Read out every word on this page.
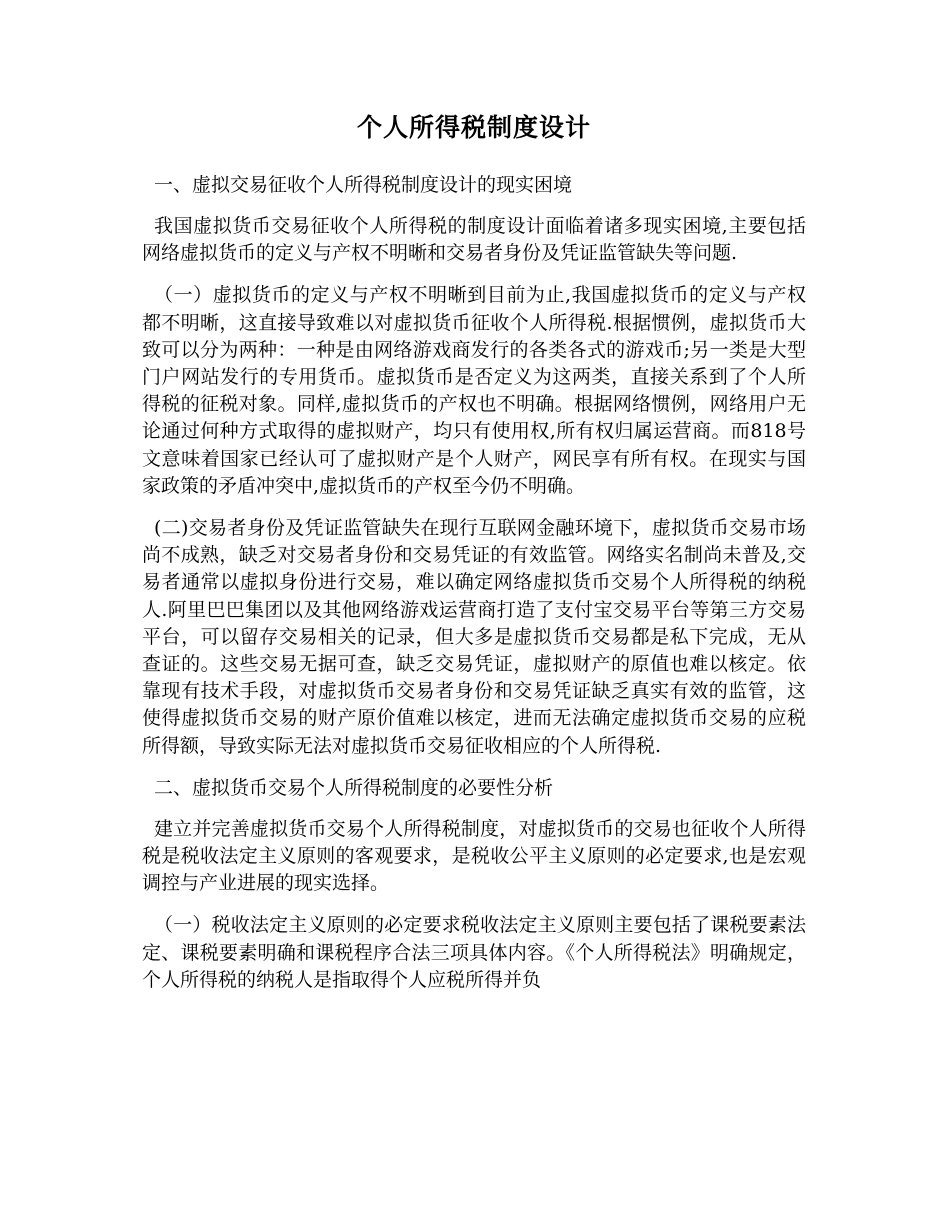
个人所得税制度设计

一、虚拟交易征收个人所得税制度设计的现实困境

我国虚拟货币交易征收个人所得税的制度设计面临着诸多现实困境,主要包括网络虚拟货币的定义与产权不明晰和交易者身份及凭证监管缺失等问题.

（一）虚拟货币的定义与产权不明晰到目前为止,我国虚拟货币的定义与产权都不明晰，这直接导致难以对虚拟货币征收个人所得税.根据惯例，虚拟货币大致可以分为两种：一种是由网络游戏商发行的各类各式的游戏币;另一类是大型门户网站发行的专用货币。虚拟货币是否定义为这两类，直接关系到了个人所得税的征税对象。同样,虚拟货币的产权也不明确。根据网络惯例，网络用户无论通过何种方式取得的虚拟财产，均只有使用权,所有权归属运营商。而818号文意味着国家已经认可了虚拟财产是个人财产，网民享有所有权。在现实与国家政策的矛盾冲突中,虚拟货币的产权至今仍不明确。

(二)交易者身份及凭证监管缺失在现行互联网金融环境下，虚拟货币交易市场尚不成熟，缺乏对交易者身份和交易凭证的有效监管。网络实名制尚未普及,交易者通常以虚拟身份进行交易，难以确定网络虚拟货币交易个人所得税的纳税人.阿里巴巴集团以及其他网络游戏运营商打造了支付宝交易平台等第三方交易平台，可以留存交易相关的记录，但大多是虚拟货币交易都是私下完成，无从查证的。这些交易无据可查，缺乏交易凭证，虚拟财产的原值也难以核定。依靠现有技术手段，对虚拟货币交易者身份和交易凭证缺乏真实有效的监管，这使得虚拟货币交易的财产原价值难以核定，进而无法确定虚拟货币交易的应税所得额，导致实际无法对虚拟货币交易征收相应的个人所得税.

二、虚拟货币交易个人所得税制度的必要性分析

建立并完善虚拟货币交易个人所得税制度，对虚拟货币的交易也征收个人所得税是税收法定主义原则的客观要求，是税收公平主义原则的必定要求,也是宏观调控与产业进展的现实选择。

（一）税收法定主义原则的必定要求税收法定主义原则主要包括了课税要素法定、课税要素明确和课税程序合法三项具体内容。《个人所得税法》明确规定，个人所得税的纳税人是指取得个人应税所得并负
